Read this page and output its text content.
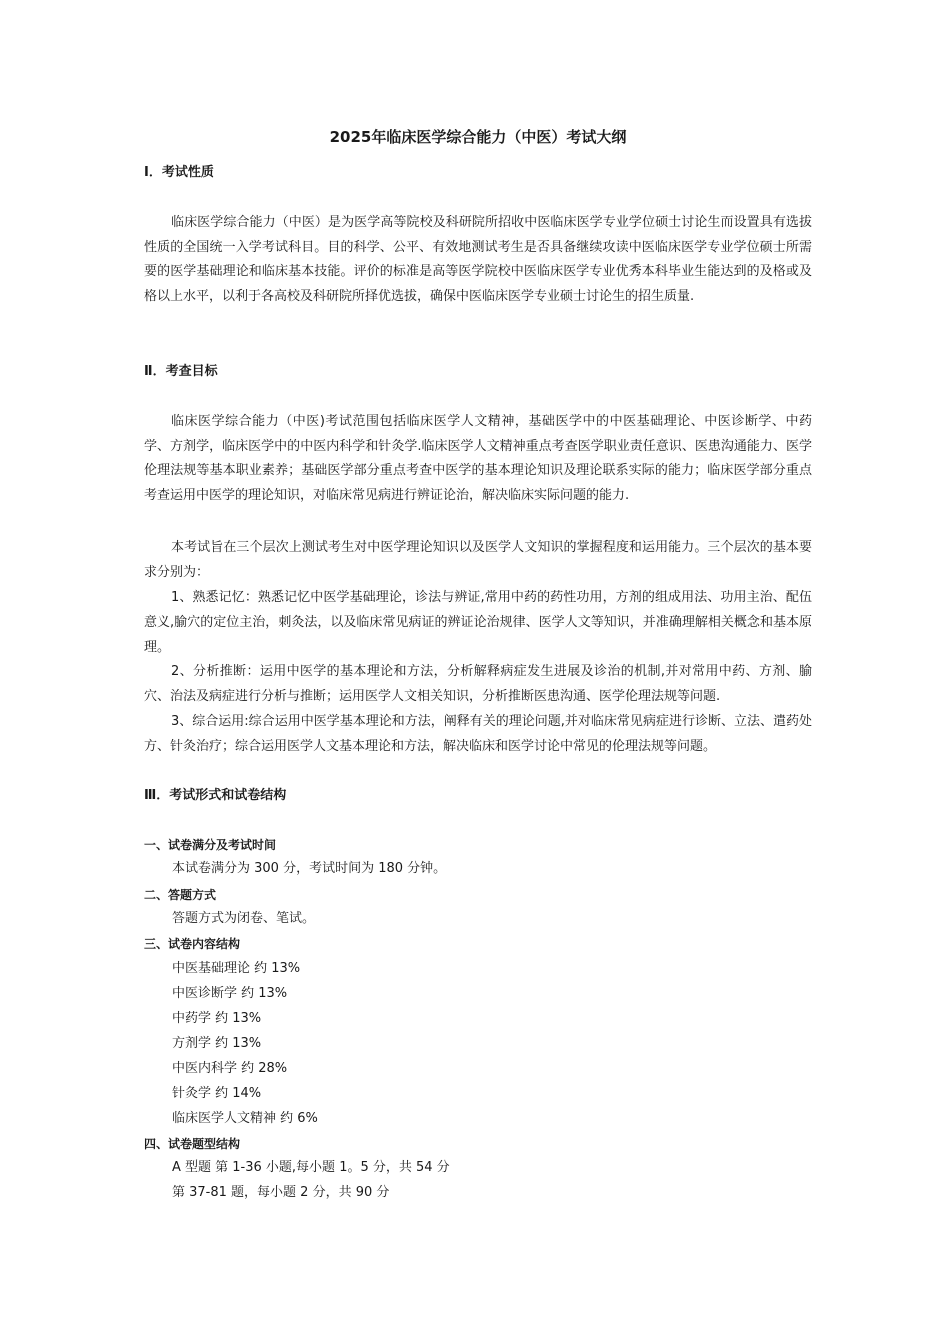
2025年临床医学综合能力（中医）考试大纲
Ⅰ．考试性质
临床医学综合能力（中医）是为医学高等院校及科研院所招收中医临床医学专业学位硕士讨论生而设置具有选拔性质的全国统一入学考试科目。目的科学、公平、有效地测试考生是否具备继续攻读中医临床医学专业学位硕士所需要的医学基础理论和临床基本技能。评价的标准是高等医学院校中医临床医学专业优秀本科毕业生能达到的及格或及格以上水平，以利于各高校及科研院所择优选拔，确保中医临床医学专业硕士讨论生的招生质量.
Ⅱ．考查目标
临床医学综合能力（中医)考试范围包括临床医学人文精神，基础医学中的中医基础理论、中医诊断学、中药学、方剂学，临床医学中的中医内科学和针灸学.临床医学人文精神重点考查医学职业责任意识、医患沟通能力、医学伦理法规等基本职业素养；基础医学部分重点考查中医学的基本理论知识及理论联系实际的能力；临床医学部分重点考查运用中医学的理论知识，对临床常见病进行辨证论治，解决临床实际问题的能力.
本考试旨在三个层次上测试考生对中医学理论知识以及医学人文知识的掌握程度和运用能力。三个层次的基本要求分别为：
1、熟悉记忆：熟悉记忆中医学基础理论，诊法与辨证,常用中药的药性功用，方剂的组成用法、功用主治、配伍意义,腧穴的定位主治，刺灸法，以及临床常见病证的辨证论治规律、医学人文等知识，并准确理解相关概念和基本原理。
2、分析推断：运用中医学的基本理论和方法，分析解释病症发生进展及诊治的机制,并对常用中药、方剂、腧穴、治法及病症进行分析与推断；运用医学人文相关知识，分析推断医患沟通、医学伦理法规等问题.
3、综合运用:综合运用中医学基本理论和方法，阐释有关的理论问题,并对临床常见病症进行诊断、立法、遣药处方、针灸治疗；综合运用医学人文基本理论和方法，解决临床和医学讨论中常见的伦理法规等问题。
Ⅲ．考试形式和试卷结构
一、试卷满分及考试时间
本试卷满分为 300 分，考试时间为 180 分钟。
二、答题方式
答题方式为闭卷、笔试。
三、试卷内容结构
中医基础理论 约 13%
中医诊断学 约 13%
中药学 约 13%
方剂学 约 13%
中医内科学 约 28%
针灸学 约 14%
临床医学人文精神 约 6%
四、试卷题型结构
A 型题 第 1-36 小题,每小题 1。5 分，共 54 分
第 37-81 题，每小题 2 分，共 90 分
